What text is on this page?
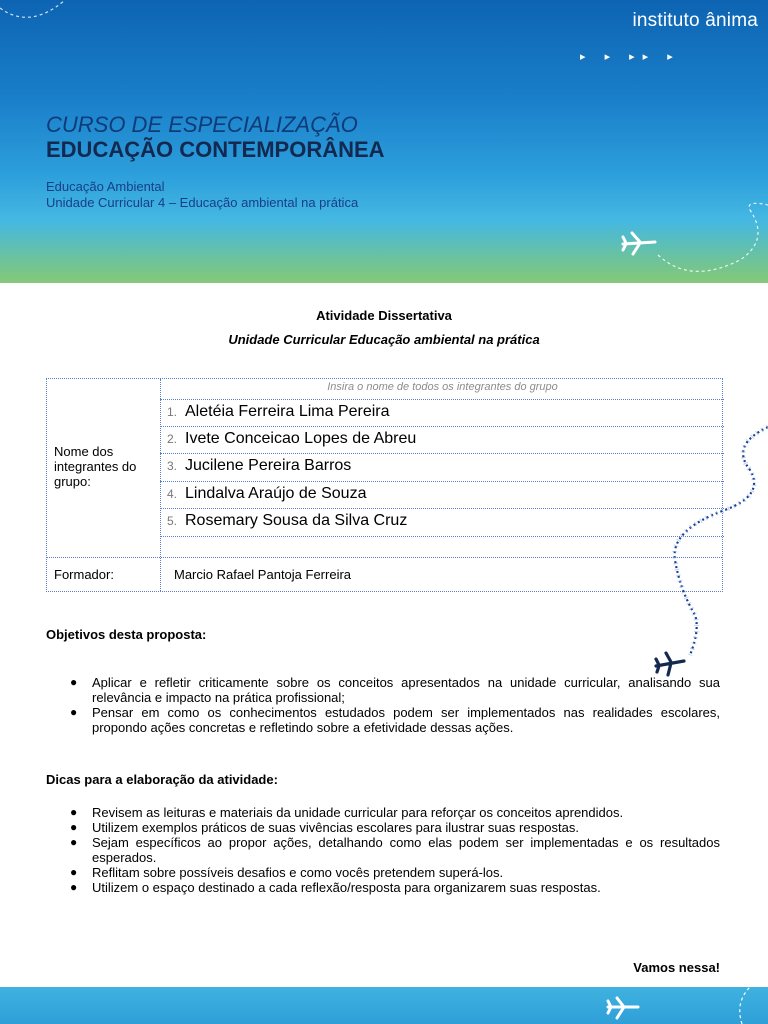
instituto ânima
▸ ▸ ▸▸ ▸
CURSO DE ESPECIALIZAÇÃO
EDUCAÇÃO CONTEMPORÂNEA
Educação Ambiental
Unidade Curricular 4 – Educação ambiental na prática
Atividade Dissertativa
Unidade Curricular Educação ambiental na prática
Insira o nome de todos os integrantes do grupo
1. Aletéia Ferreira Lima Pereira
2. Ivete Conceicao Lopes de Abreu
3. Jucilene Pereira Barros
4. Lindalva Araújo de Souza
5. Rosemary Sousa da Silva Cruz
Nome dos integrantes do grupo:
Formador:	Marcio Rafael Pantoja Ferreira
Objetivos desta proposta:
● Aplicar e refletir criticamente sobre os conceitos apresentados na unidade curricular, analisando sua relevância e impacto na prática profissional;
● Pensar em como os conhecimentos estudados podem ser implementados nas realidades escolares, propondo ações concretas e refletindo sobre a efetividade dessas ações.
Dicas para a elaboração da atividade:
● Revisem as leituras e materiais da unidade curricular para reforçar os conceitos aprendidos.
● Utilizem exemplos práticos de suas vivências escolares para ilustrar suas respostas.
● Sejam específicos ao propor ações, detalhando como elas podem ser implementadas e os resultados esperados.
● Reflitam sobre possíveis desafios e como vocês pretendem superá-los.
● Utilizem o espaço destinado a cada reflexão/resposta para organizarem suas respostas.
Vamos nessa!
